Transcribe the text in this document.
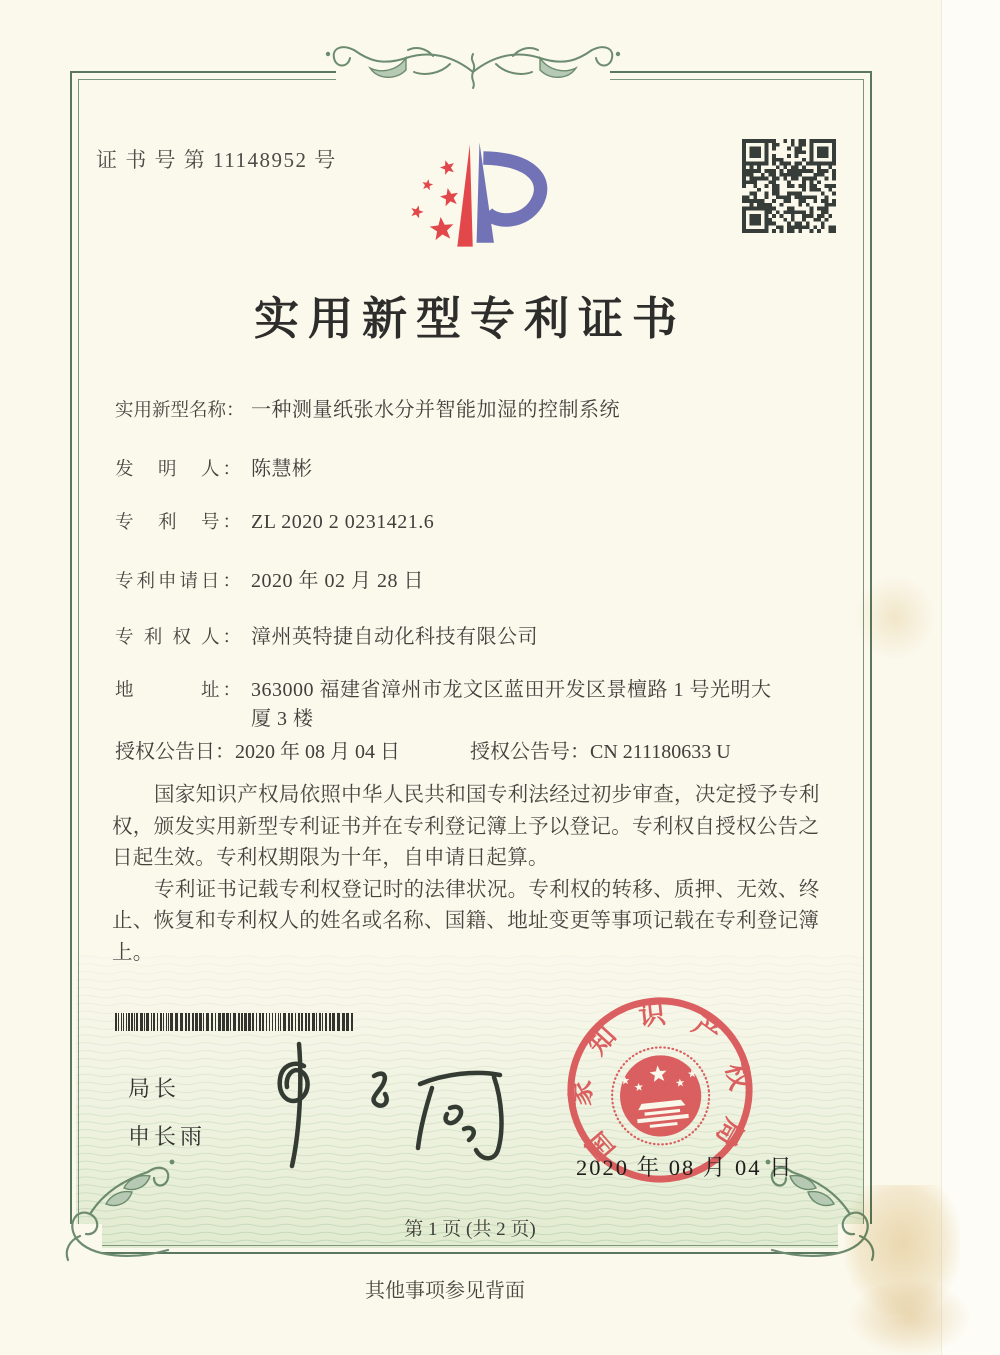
证 书 号 第 11148952 号
实用新型专利证书
实用新型名称： 一种测量纸张水分并智能加湿的控制系统
发　明　人： 陈慧彬
专　利　号： ZL 2020 2 0231421.6
专利申请日： 2020 年 02 月 28 日
专 利 权 人： 漳州英特捷自动化科技有限公司
地　　　址： 363000 福建省漳州市龙文区蓝田开发区景檀路 1 号光明大
厦 3 楼
授权公告日：2020 年 08 月 04 日	授权公告号：CN 211180633 U

国家知识产权局依照中华人民共和国专利法经过初步审查，决定授予专利权，颁发实用新型专利证书并在专利登记簿上予以登记。专利权自授权公告之日起生效。专利权期限为十年，自申请日起算。

专利证书记载专利权登记时的法律状况。专利权的转移、质押、无效、终止、恢复和专利权人的姓名或名称、国籍、地址变更等事项记载在专利登记簿上。

局长
申长雨	国
家
知
识 产
权
局
2020 年 08 月 04 日
第 1 页 (共 2 页)
其他事项参见背面
